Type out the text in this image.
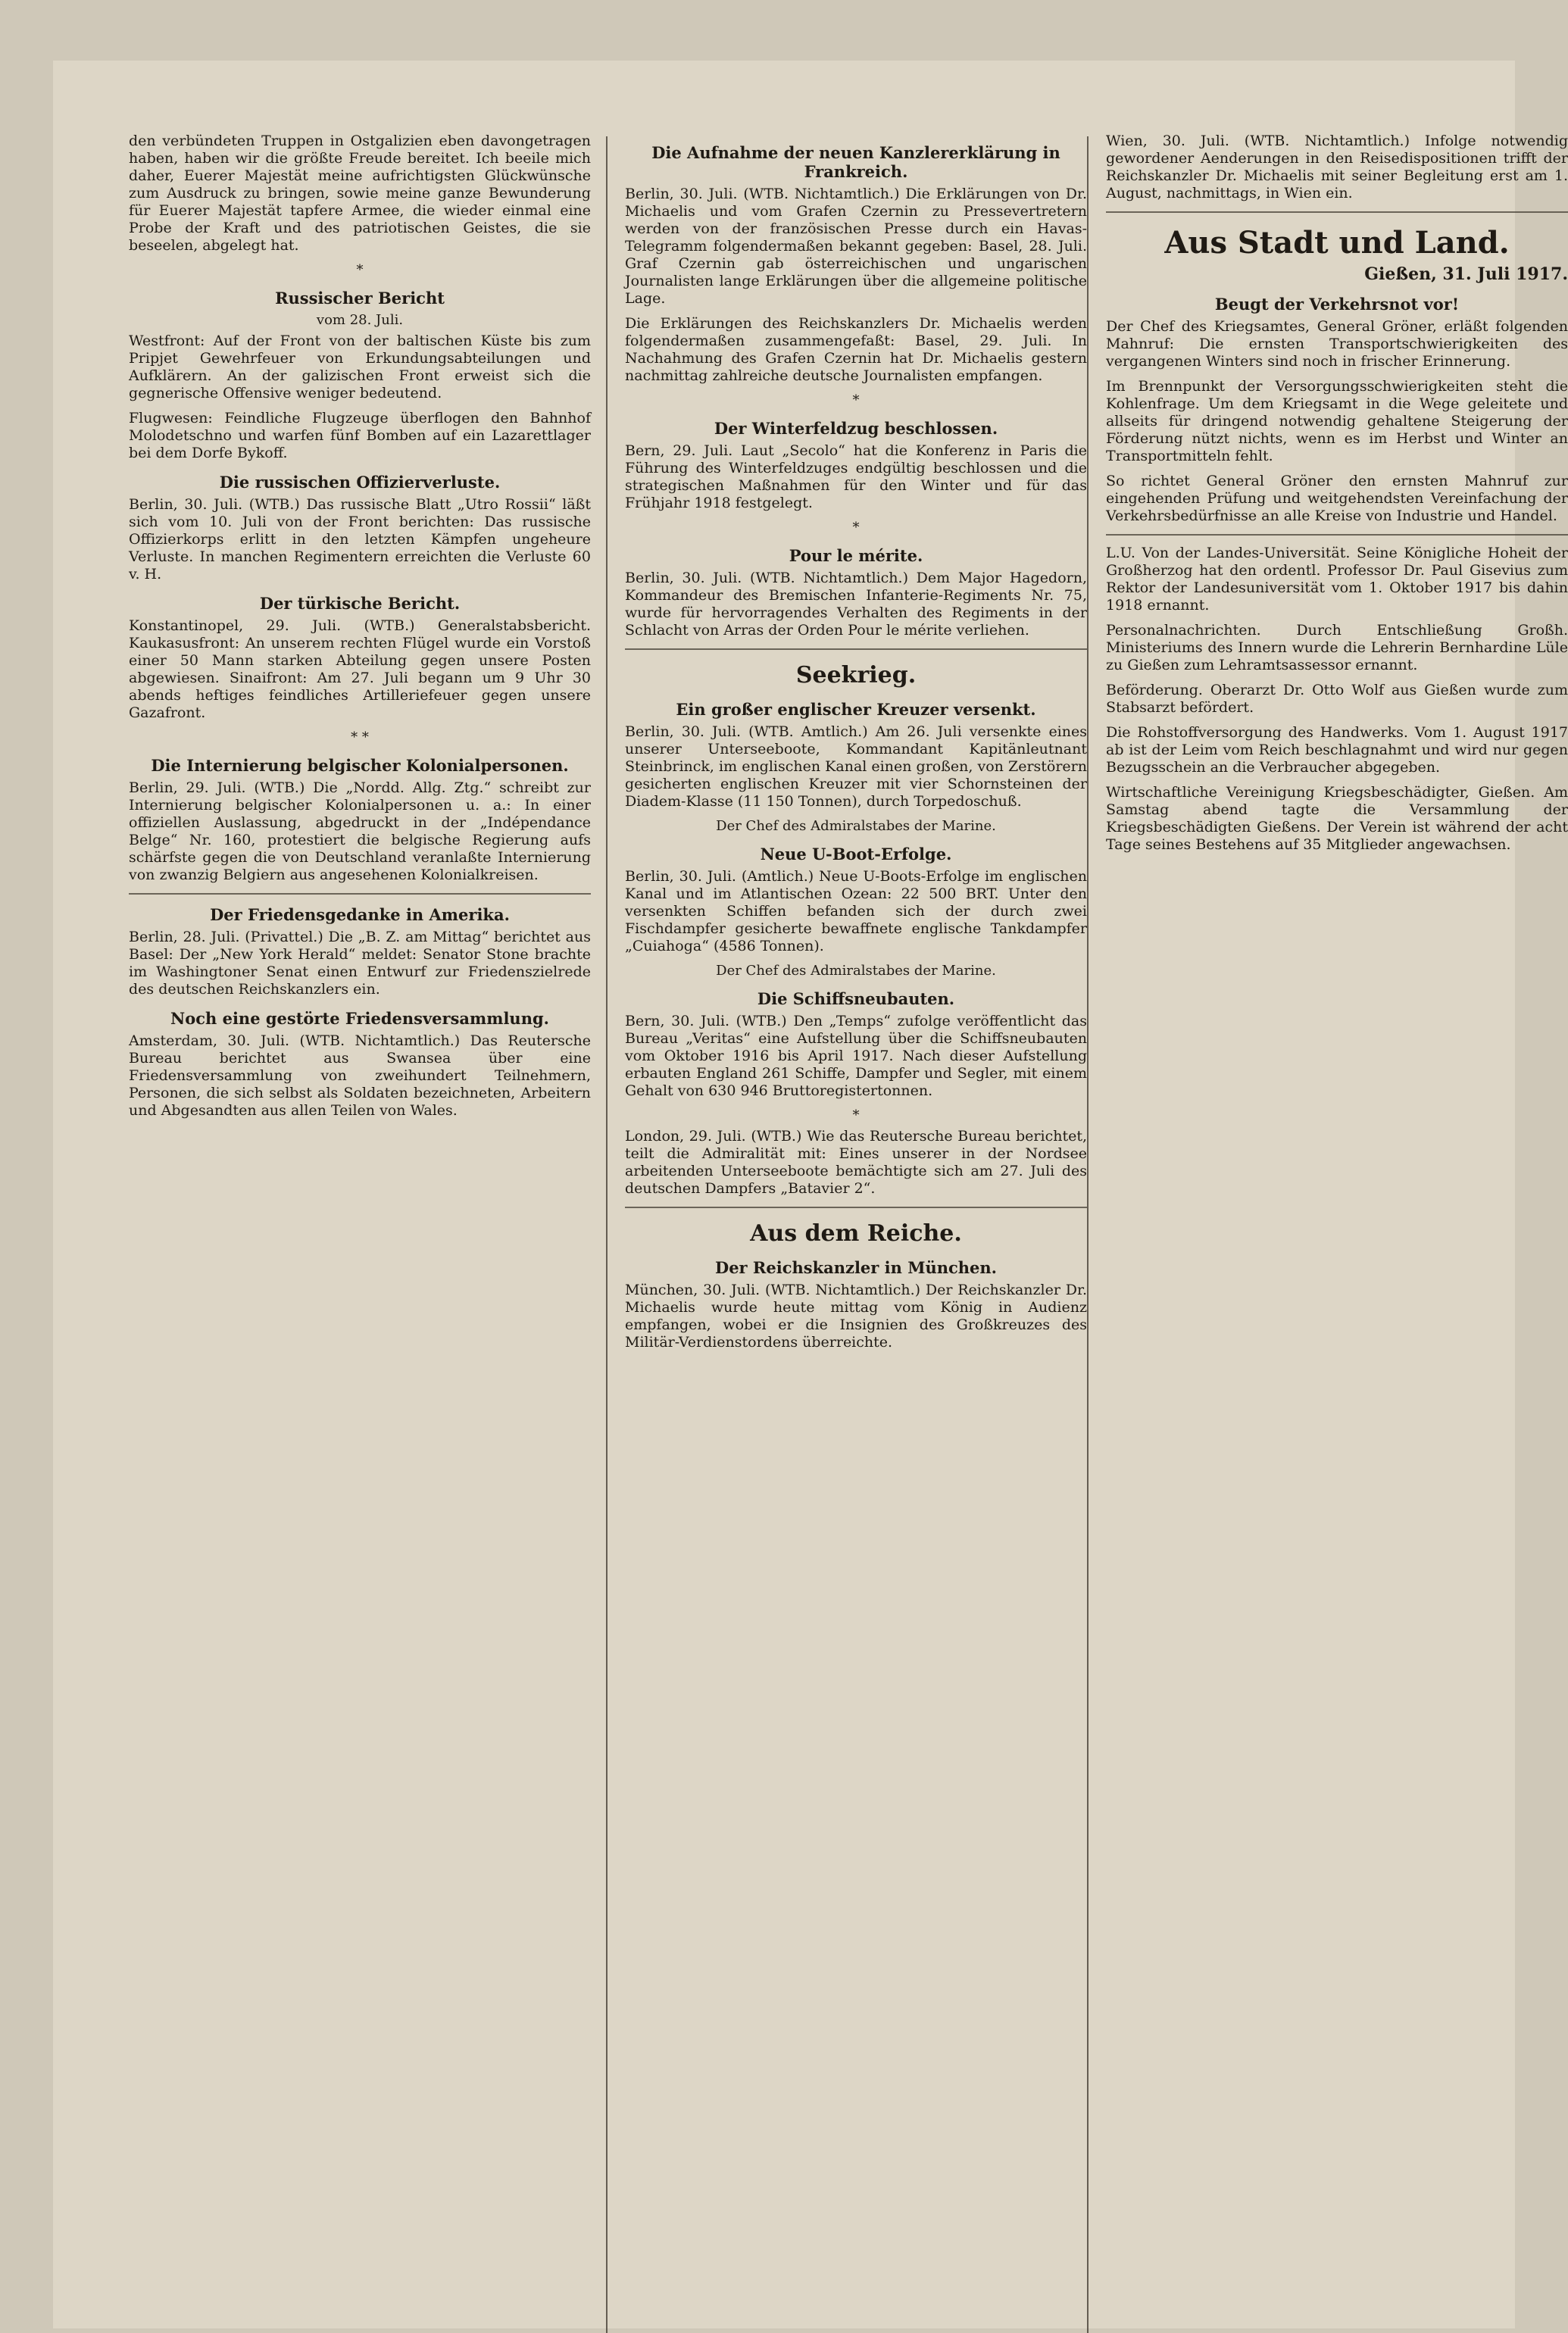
den verbündeten Truppen in Ostgalizien eben davongetragen haben, haben wir die größte Freude bereitet. Ich beeile mich daher, Euerer Majestät meine aufrichtigsten Glückwünsche zum Ausdruck zu bringen, sowie meine ganze Bewunderung für Euerer Majestät tapfere Armee, die wieder einmal eine Probe der Kraft und des patriotischen Geistes, die sie beseelen, abgelegt hat.

*
Russischer Bericht
vom 28. Juli.

Westfront: Auf der Front von der baltischen Küste bis zum Pripjet Gewehrfeuer von Erkundungsabteilungen und Aufklärern. An der galizischen Front erweist sich die gegnerische Offensive weniger bedeutend.

Flugwesen: Feindliche Flugzeuge überflogen den Bahnhof Molodetschno und warfen fünf Bomben auf ein Lazarettlager bei dem Dorfe Bykoff.

Die russischen Offizierverluste.

Berlin, 30. Juli. (WTB.) Das russische Blatt „Utro Rossii“ läßt sich vom 10. Juli von der Front berichten: Das russische Offizierkorps erlitt in den letzten Kämpfen ungeheure Verluste. In manchen Regimentern erreichten die Verluste 60 v. H.

Der türkische Bericht.

Konstantinopel, 29. Juli. (WTB.) Generalstabsbericht. Kaukasusfront: An unserem rechten Flügel wurde ein Vorstoß einer 50 Mann starken Abteilung gegen unsere Posten abgewiesen. Sinaifront: Am 27. Juli begann um 9 Uhr 30 abends heftiges feindliches Artilleriefeuer gegen unsere Gazafront.

* *
Die Internierung belgischer Kolonialpersonen.

Berlin, 29. Juli. (WTB.) Die „Nordd. Allg. Ztg.“ schreibt zur Internierung belgischer Kolonialpersonen u. a.: In einer offiziellen Auslassung, abgedruckt in der „Indépendance Belge“ Nr. 160, protestiert die belgische Regierung aufs schärfste gegen die von Deutschland veranlaßte Internierung von zwanzig Belgiern aus angesehenen Kolonialkreisen.

Der Friedensgedanke in Amerika.

Berlin, 28. Juli. (Privattel.) Die „B. Z. am Mittag“ berichtet aus Basel: Der „New York Herald“ meldet: Senator Stone brachte im Washingtoner Senat einen Entwurf zur Friedenszielrede des deutschen Reichskanzlers ein.

Noch eine gestörte Friedensversammlung.

Amsterdam, 30. Juli. (WTB. Nichtamtlich.) Das Reutersche Bureau berichtet aus Swansea über eine Friedensversammlung von zweihundert Teilnehmern, Personen, die sich selbst als Soldaten bezeichneten, Arbeitern und Abgesandten aus allen Teilen von Wales.

Die Aufnahme der neuen Kanzlererklärung in Frankreich.

Berlin, 30. Juli. (WTB. Nichtamtlich.) Die Erklärungen von Dr. Michaelis und vom Grafen Czernin zu Pressevertretern werden von der französischen Presse durch ein Havas-Telegramm folgendermaßen bekannt gegeben: Basel, 28. Juli. Graf Czernin gab österreichischen und ungarischen Journalisten lange Erklärungen über die allgemeine politische Lage.

Die Erklärungen des Reichskanzlers Dr. Michaelis werden folgendermaßen zusammengefaßt: Basel, 29. Juli. In Nachahmung des Grafen Czernin hat Dr. Michaelis gestern nachmittag zahlreiche deutsche Journalisten empfangen.

*
Der Winterfeldzug beschlossen.

Bern, 29. Juli. Laut „Secolo“ hat die Konferenz in Paris die Führung des Winterfeldzuges endgültig beschlossen und die strategischen Maßnahmen für den Winter und für das Frühjahr 1918 festgelegt.

*
Pour le mérite.

Berlin, 30. Juli. (WTB. Nichtamtlich.) Dem Major Hagedorn, Kommandeur des Bremischen Infanterie-Regiments Nr. 75, wurde für hervorragendes Verhalten des Regiments in der Schlacht von Arras der Orden Pour le mérite verliehen.

Seekrieg.
Ein großer englischer Kreuzer versenkt.

Berlin, 30. Juli. (WTB. Amtlich.) Am 26. Juli versenkte eines unserer Unterseeboote, Kommandant Kapitänleutnant Steinbrinck, im englischen Kanal einen großen, von Zerstörern gesicherten englischen Kreuzer mit vier Schornsteinen der Diadem-Klasse (11 150 Tonnen), durch Torpedoschuß.

Der Chef des Admiralstabes der Marine.
Neue U-Boot-Erfolge.

Berlin, 30. Juli. (Amtlich.) Neue U-Boots-Erfolge im englischen Kanal und im Atlantischen Ozean: 22 500 BRT. Unter den versenkten Schiffen befanden sich der durch zwei Fischdampfer gesicherte bewaffnete englische Tankdampfer „Cuiahoga“ (4586 Tonnen).

Der Chef des Admiralstabes der Marine.
Die Schiffsneubauten.

Bern, 30. Juli. (WTB.) Den „Temps“ zufolge veröffentlicht das Bureau „Veritas“ eine Aufstellung über die Schiffsneubauten vom Oktober 1916 bis April 1917. Nach dieser Aufstellung erbauten England 261 Schiffe, Dampfer und Segler, mit einem Gehalt von 630 946 Bruttoregistertonnen.

*

London, 29. Juli. (WTB.) Wie das Reutersche Bureau berichtet, teilt die Admiralität mit: Eines unserer in der Nordsee arbeitenden Unterseeboote bemächtigte sich am 27. Juli des deutschen Dampfers „Batavier 2“.

Aus dem Reiche.
Der Reichskanzler in München.

München, 30. Juli. (WTB. Nichtamtlich.) Der Reichskanzler Dr. Michaelis wurde heute mittag vom König in Audienz empfangen, wobei er die Insignien des Großkreuzes des Militär-Verdienstordens überreichte.

Wien, 30. Juli. (WTB. Nichtamtlich.) Infolge notwendig gewordener Aenderungen in den Reisedispositionen trifft der Reichskanzler Dr. Michaelis mit seiner Begleitung erst am 1. August, nachmittags, in Wien ein.

Aus Stadt und Land.
Gießen, 31. Juli 1917.
Beugt der Verkehrsnot vor!

Der Chef des Kriegsamtes, General Gröner, erläßt folgenden Mahnruf: Die ernsten Transportschwierigkeiten des vergangenen Winters sind noch in frischer Erinnerung.

Im Brennpunkt der Versorgungsschwierigkeiten steht die Kohlenfrage. Um dem Kriegsamt in die Wege geleitete und allseits für dringend notwendig gehaltene Steigerung der Förderung nützt nichts, wenn es im Herbst und Winter an Transportmitteln fehlt.

So richtet General Gröner den ernsten Mahnruf zur eingehenden Prüfung und weitgehendsten Vereinfachung der Verkehrsbedürfnisse an alle Kreise von Industrie und Handel.

L.U. Von der Landes-Universität. Seine Königliche Hoheit der Großherzog hat den ordentl. Professor Dr. Paul Gisevius zum Rektor der Landesuniversität vom 1. Oktober 1917 bis dahin 1918 ernannt.

Personalnachrichten. Durch Entschließung Großh. Ministeriums des Innern wurde die Lehrerin Bernhardine Lüle zu Gießen zum Lehramtsassessor ernannt.

Beförderung. Oberarzt Dr. Otto Wolf aus Gießen wurde zum Stabsarzt befördert.

Die Rohstoffversorgung des Handwerks. Vom 1. August 1917 ab ist der Leim vom Reich beschlagnahmt und wird nur gegen Bezugsschein an die Verbraucher abgegeben.

Wirtschaftliche Vereinigung Kriegsbeschädigter, Gießen. Am Samstag abend tagte die Versammlung der Kriegsbeschädigten Gießens. Der Verein ist während der acht Tage seines Bestehens auf 35 Mitglieder angewachsen.
